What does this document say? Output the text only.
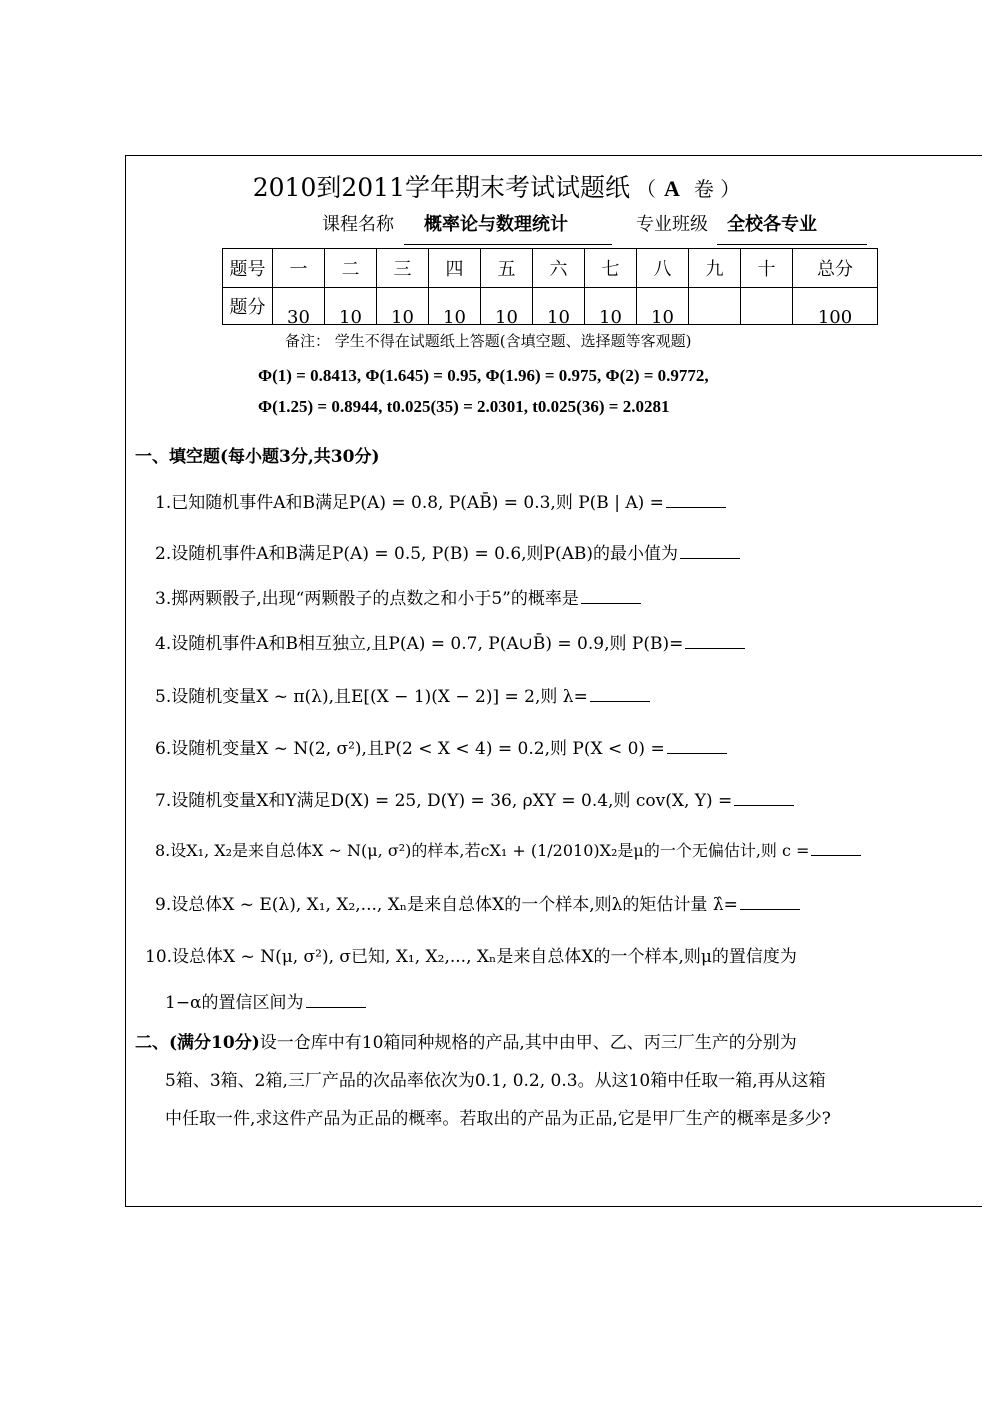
2010到2011学年期末考试试题纸 （ A 卷 ）
课程名称 概率论与数理统计	专业班级 全校各专业
题号	一	二	三	四	五	六	七	八	九	十	总分
题分	30	10	10	10	10	10	10	10			100
备注： 学生不得在试题纸上答题(含填空题、选择题等客观题)
Φ(1) = 0.8413, Φ(1.645) = 0.95, Φ(1.96) = 0.975, Φ(2) = 0.9772,
Φ(1.25) = 0.8944, t0.025(35) = 2.0301, t0.025(36) = 2.0281
一、填空题(每小题3分,共30分)
1.已知随机事件A和B满足P(A) = 0.8, P(AB̄) = 0.3,则 P(B | A) =
2.设随机事件A和B满足P(A) = 0.5, P(B) = 0.6,则P(AB)的最小值为
3.掷两颗骰子,出现“两颗骰子的点数之和小于5”的概率是
4.设随机事件A和B相互独立,且P(A) = 0.7, P(A∪B̄) = 0.9,则 P(B)=
5.设随机变量X ~ π(λ),且E[(X − 1)(X − 2)] = 2,则 λ=
6.设随机变量X ~ N(2, σ²),且P(2 < X < 4) = 0.2,则 P(X < 0) =
7.设随机变量X和Y满足D(X) = 25, D(Y) = 36, ρXY = 0.4,则 cov(X, Y) =
8.设X₁, X₂是来自总体X ~ N(μ, σ²)的样本,若cX₁ + (1/2010)X₂是μ的一个无偏估计,则 c =
9.设总体X ~ E(λ), X₁, X₂,..., Xₙ是来自总体X的一个样本,则λ的矩估计量 λ̂=
10.设总体X ~ N(μ, σ²), σ已知, X₁, X₂,..., Xₙ是来自总体X的一个样本,则μ的置信度为
1−α的置信区间为
二、(满分10分)设一仓库中有10箱同种规格的产品,其中由甲、乙、丙三厂生产的分别为
5箱、3箱、2箱,三厂产品的次品率依次为0.1, 0.2, 0.3。从这10箱中任取一箱,再从这箱
中任取一件,求这件产品为正品的概率。若取出的产品为正品,它是甲厂生产的概率是多少?
